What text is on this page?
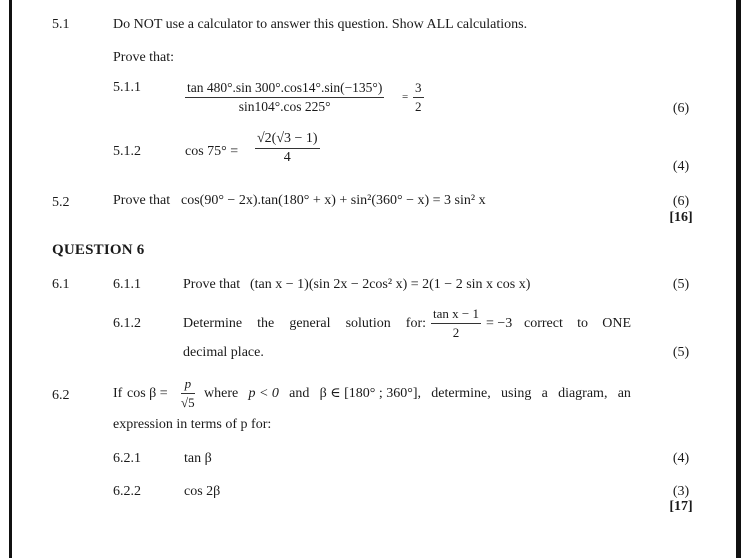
5.1	Do NOT use a calculator to answer this question. Show ALL calculations.
Prove that:
5.1.1	$\frac{\tan 480^\circ.\sin 300^\circ.\cos 14^\circ.\sin(-135^\circ)}{\sin 104^\circ.\cos 225^\circ} = \frac{3}{2}$	(6)
5.1.2	$\cos 75^\circ = \frac{√2(√3 - 1)}{4}$
(4)
5.2	Prove that cos(90° − 2x).tan(180° + x) + sin²(360° − x) = 3 sin² x	(6)
[16]
QUESTION 6
6.1	6.1.1	Prove that (tan x − 1)(sin 2x − 2cos² x) = 2(1 − 2 sin x cos x)	(5)
6.1.2	Determine the general solution for: $\frac{\text{tan x − 1}}{2} = -3$ correct to ONE
decimal place.	(5)
6.2	If $\cos \beta = \frac{p}{√5}$ where p < 0 and β ∈ [180° ; 360°], determine, using a diagram, an
expression in terms of p for:
6.2.1	tan β	(4)
6.2.2	cos 2β	(3)
[17]
